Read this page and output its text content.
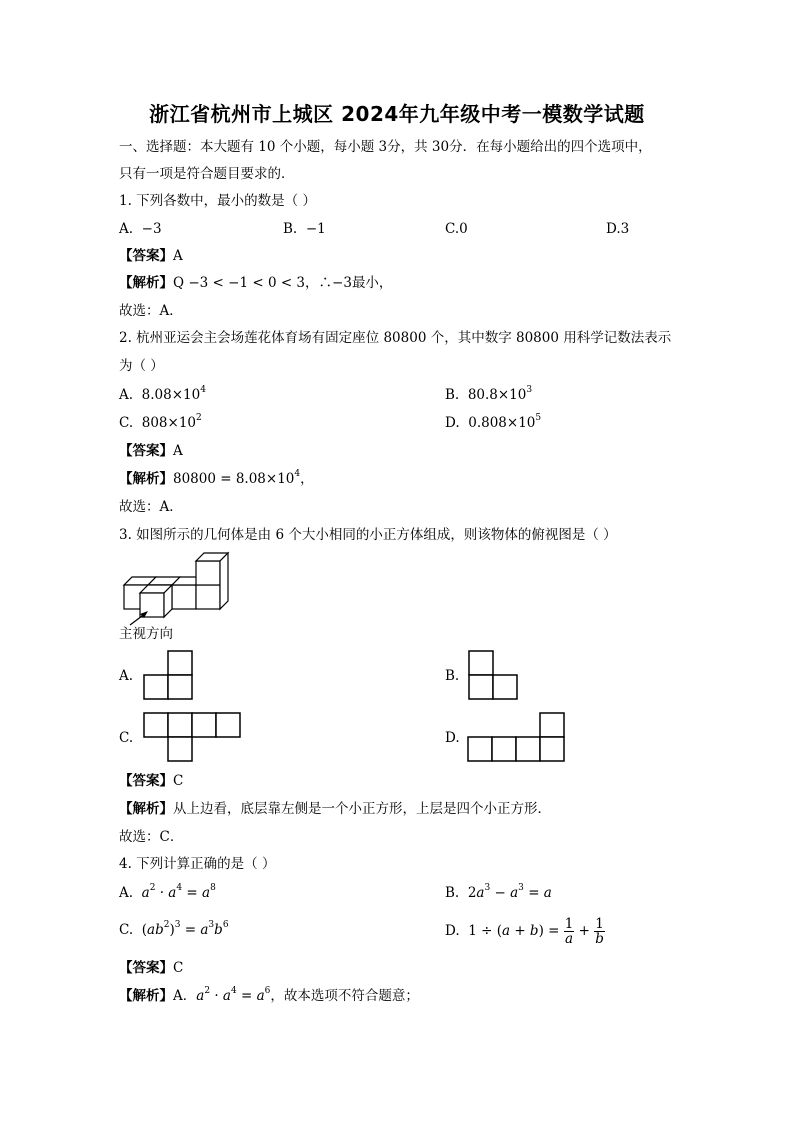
浙江省杭州市上城区 2024年九年级中考一模数学试题
一、选择题：本大题有 10 个小题，每小题 3分，共 30分．在每小题给出的四个选项中，
只有一项是符合题目要求的．
1. 下列各数中，最小的数是（ ）
A. −3	B. −1	C.0	D.3
【答案】A
【解析】Q −3 < −1 < 0 < 3，∴−3最小，
故选：A．
2. 杭州亚运会主会场莲花体育场有固定座位 80800 个，其中数字 80800 用科学记数法表示
为（ ）
A. $8.08\times 10^4$	B. $80.8\times 10^3$
C. $808\times 10^2$	D. $0.808\times 10^5$
【答案】A
【解析】$80800 = 8.08\times 10^4$，
故选：A．
3. 如图所示的几何体是由 6 个大小相同的小正方体组成，则该物体的俯视图是（ ）
主视方向
A.	B.
C.	D.
【答案】C
【解析】从上边看，底层靠左侧是一个小正方形，上层是四个小正方形．
故选：C．
4. 下列计算正确的是（ ）
A. $a^2 \cdot a^4 = a^8$	B. $2a^3 - a^3 = a$
C. $(ab^2)^3 = a^3b^6$	D. $1 \div (a + b) = \frac{1}{a} + \frac{1}{b}$
【答案】C
【解析】A．$a^2 \cdot a^4 = a^6$，故本选项不符合题意；
